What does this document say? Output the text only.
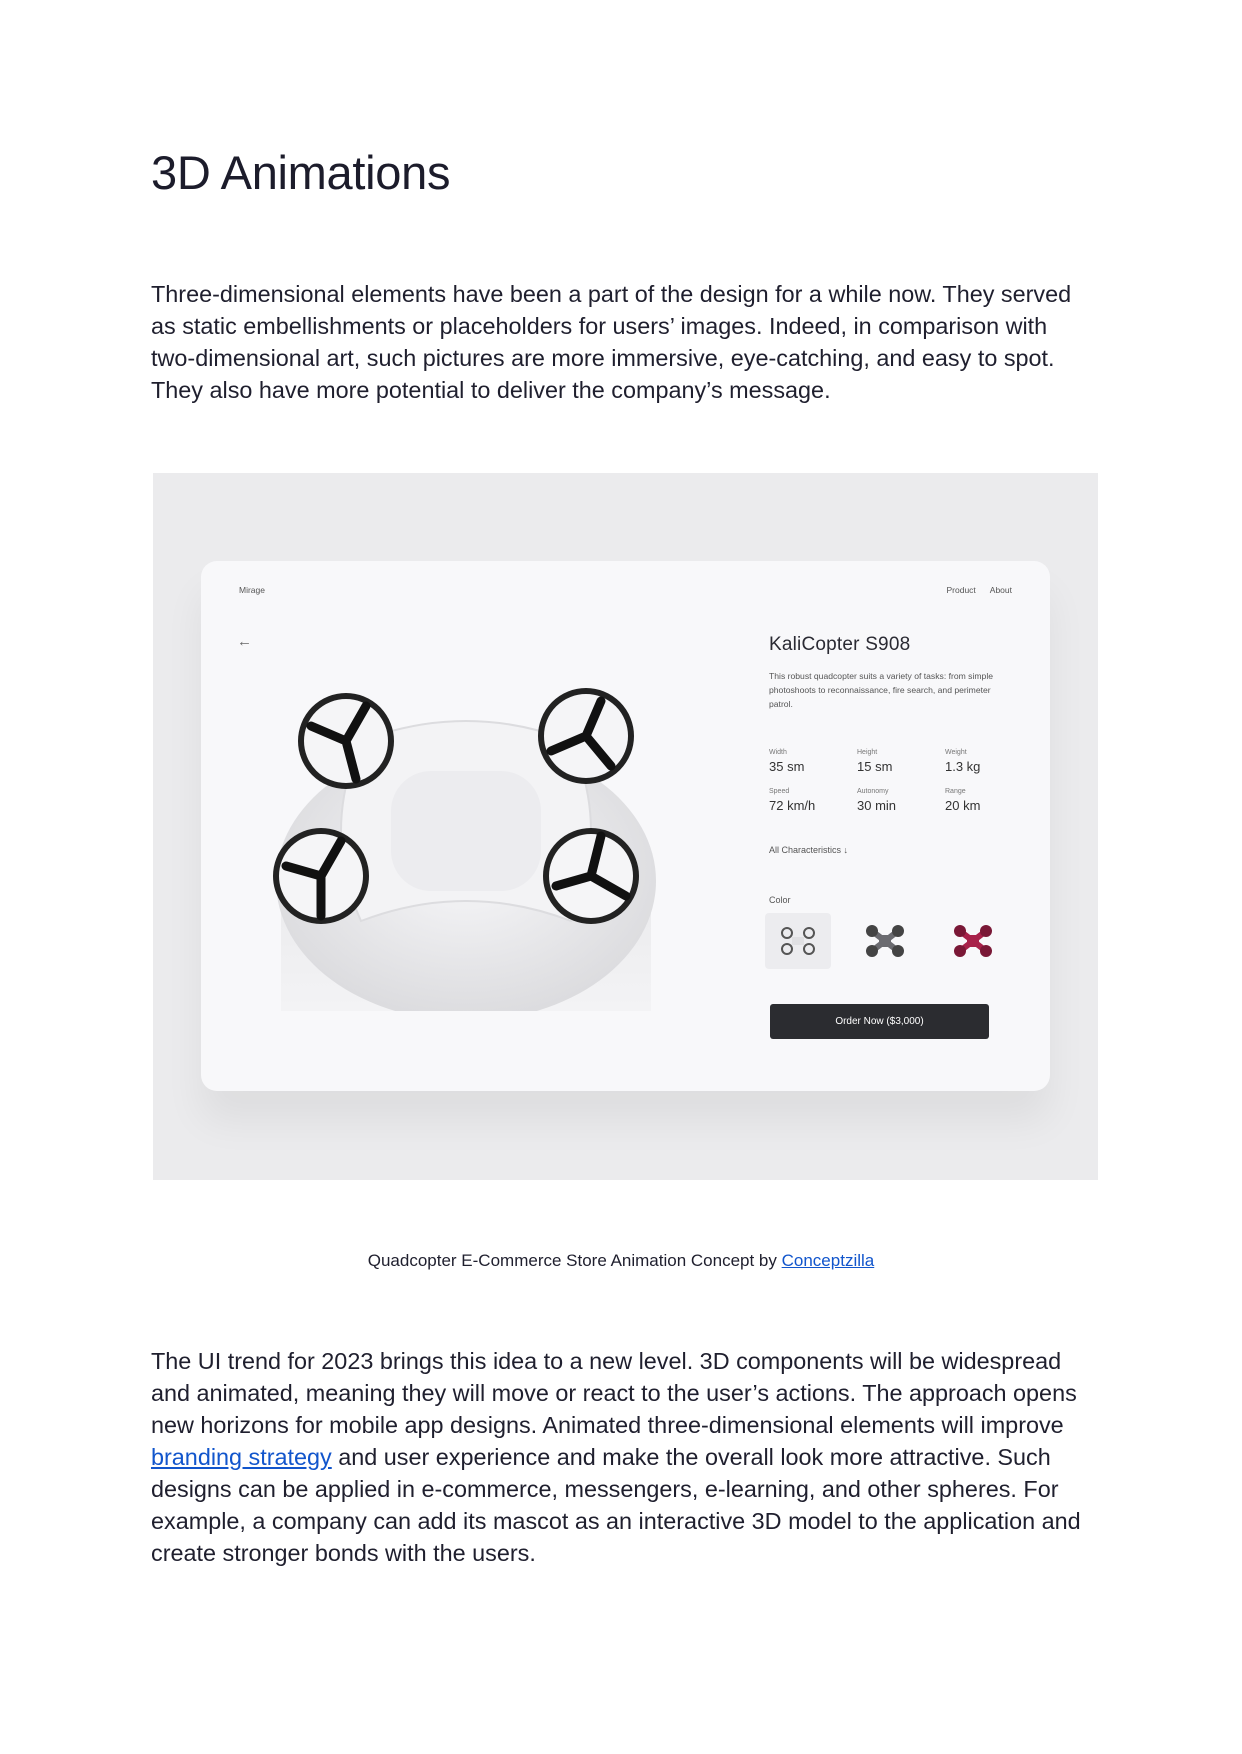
3D Animations

Three-dimensional elements have been a part of the design for a while now. They served as static embellishments or placeholders for users’ images. Indeed, in comparison with two-dimensional art, such pictures are more immersive, eye-catching, and easy to spot. They also have more potential to deliver the company’s message.

Mirage	Product About
←	KaliCopter S908
This robust quadcopter suits a variety of tasks: from simple photoshoots to reconnaissance, fire search, and perimeter patrol.
Width
35 sm
Height
15 sm
Weight
1.3 kg
Speed
72 km/h
Autonomy
30 min
Range
20 km
All Characteristics ↓
Color
Order Now ($3,000)

Quadcopter E-Commerce Store Animation Concept by Conceptzilla

The UI trend for 2023 brings this idea to a new level. 3D components will be widespread and animated, meaning they will move or react to the user’s actions. The approach opens new horizons for mobile app designs. Animated three-dimensional elements will improve branding strategy and user experience and make the overall look more attractive. Such designs can be applied in e-commerce, messengers, e-learning, and other spheres. For example, a company can add its mascot as an interactive 3D model to the application and create stronger bonds with the users.
